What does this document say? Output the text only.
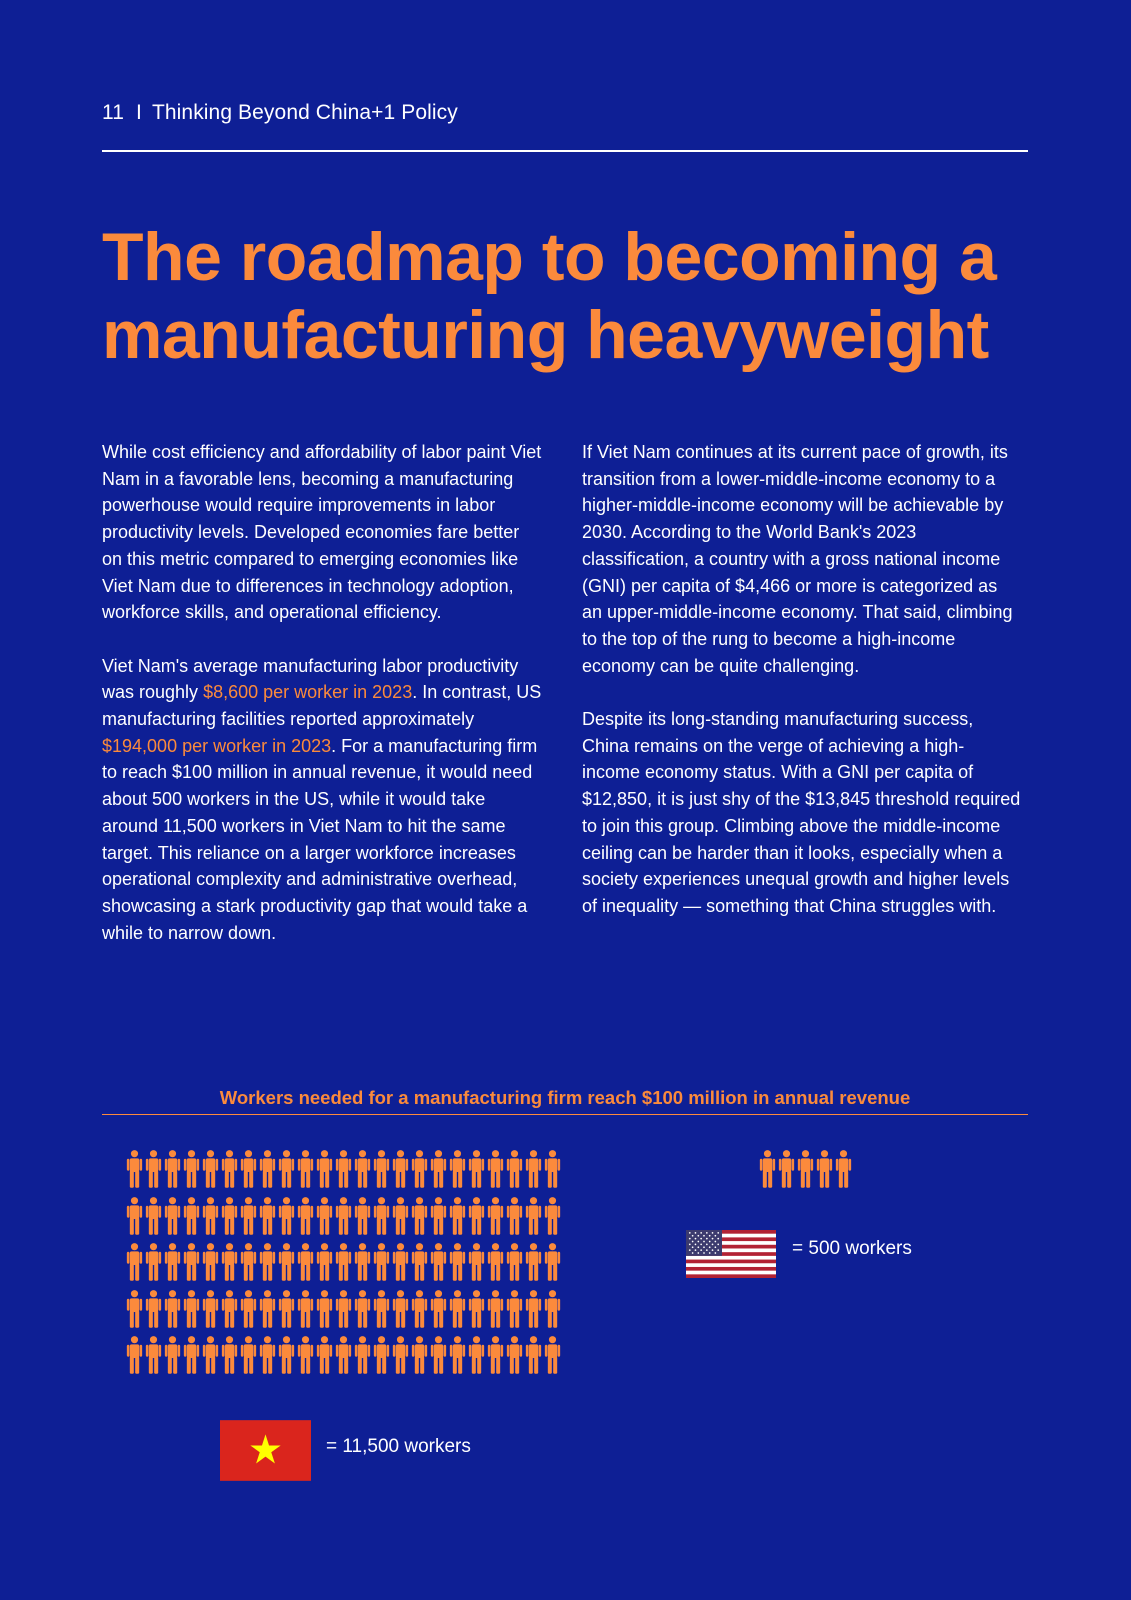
11 I Thinking Beyond China+1 Policy
The roadmap to becoming a manufacturing heavyweight

While cost efficiency and affordability of labor paint Viet Nam in a favorable lens, becoming a manufacturing powerhouse would require improvements in labor productivity levels. Developed economies fare better on this metric compared to emerging economies like Viet Nam due to differences in technology adoption, workforce skills, and operational efficiency.

Viet Nam's average manufacturing labor productivity was roughly $8,600 per worker in 2023. In contrast, US manufacturing facilities reported approximately $194,000 per worker in 2023. For a manufacturing firm to reach $100 million in annual revenue, it would need about 500 workers in the US, while it would take around 11,500 workers in Viet Nam to hit the same target. This reliance on a larger workforce increases operational complexity and administrative overhead, showcasing a stark productivity gap that would take a while to narrow down.

If Viet Nam continues at its current pace of growth, its transition from a lower-middle-income economy to a higher-middle-income economy will be achievable by 2030. According to the World Bank's 2023 classification, a country with a gross national income (GNI) per capita of $4,466 or more is categorized as an upper-middle-income economy. That said, climbing to the top of the rung to become a high-income economy can be quite challenging.

Despite its long-standing manufacturing success, China remains on the verge of achieving a high-income economy status. With a GNI per capita of $12,850, it is just shy of the $13,845 threshold required to join this group. Climbing above the middle-income ceiling can be harder than it looks, especially when a society experiences unequal growth and higher levels of inequality — something that China struggles with.

Workers needed for a manufacturing firm reach $100 million in annual revenue
= 500 workers
= 11,500 workers
